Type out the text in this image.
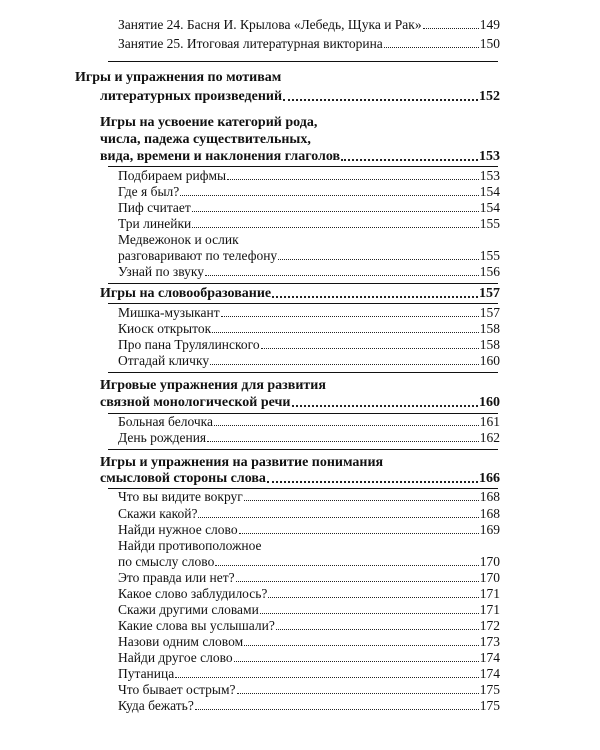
Занятие 24. Басня И. Крылова «Лебедь, Щука и Рак»	149
Занятие 25. Итоговая литературная викторина	150
Игры и упражнения по мотивам
литературных произведений	152
Игры на усвоение категорий рода,
числа, падежа существительных,
вида, времени и наклонения глаголов	153
Подбираем рифмы	153
Где я был?	154
Пиф считает	154
Три линейки	155
Медвежонок и ослик
разговаривают по телефону	155
Узнай по звуку	156
Игры на словообразование	157
Мишка-музыкант	157
Киоск открыток	158
Про пана Трулялинского	158
Отгадай кличку	160
Игровые упражнения для развития
связной монологической речи	160
Больная белочка	161
День рождения	162
Игры и упражнения на развитие понимания
смысловой стороны слова	166
Что вы видите вокруг	168
Скажи какой?	168
Найди нужное слово	169
Найди противоположное
по смыслу слово	170
Это правда или нет?	170
Какое слово заблудилось?	171
Скажи другими словами	171
Какие слова вы услышали?	172
Назови одним словом	173
Найди другое слово	174
Путаница	174
Что бывает острым?	175
Куда бежать?	175
